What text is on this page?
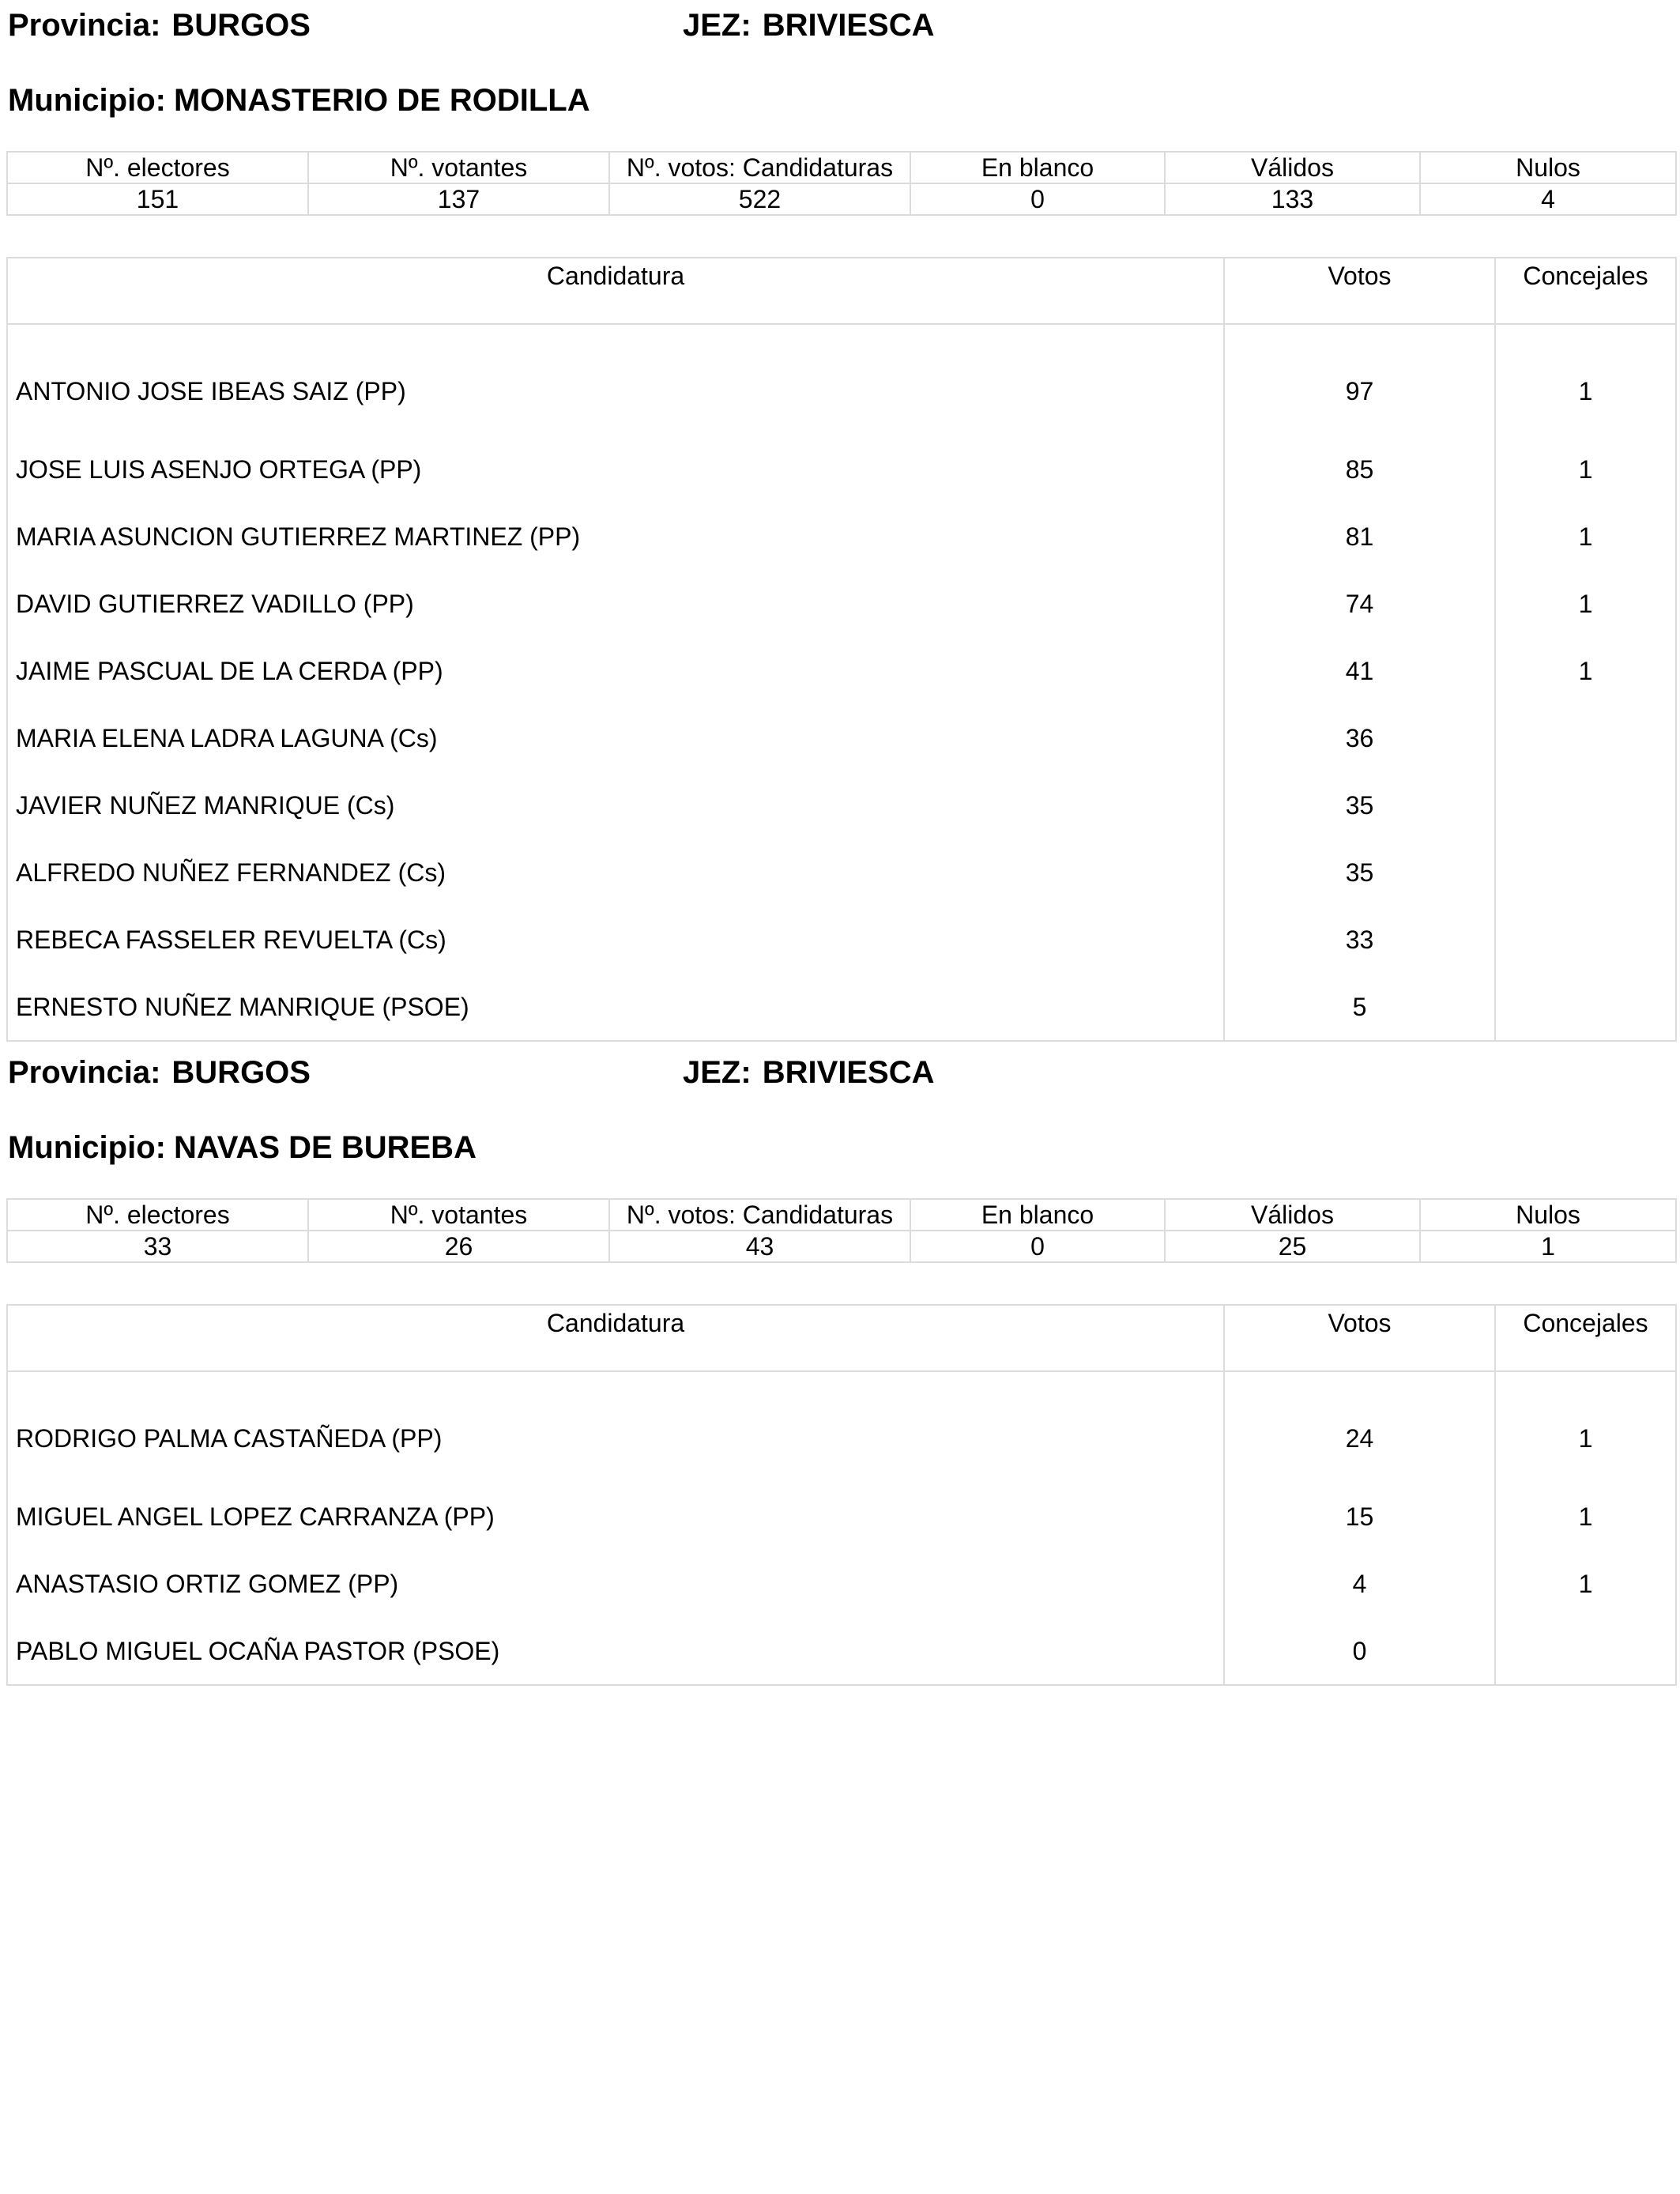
Provincia: BURGOS	JEZ: BRIVIESCA
Municipio: MONASTERIO DE RODILLA
Nº. electores	Nº. votantes	Nº. votos: Candidaturas	En blanco	Válidos	Nulos
151	137	522	0	133	4
Candidatura	Votos	Concejales
ANTONIO JOSE IBEAS SAIZ (PP)	97	1
JOSE LUIS ASENJO ORTEGA (PP)	85	1
MARIA ASUNCION GUTIERREZ MARTINEZ (PP)	81	1
DAVID GUTIERREZ VADILLO (PP)	74	1
JAIME PASCUAL DE LA CERDA (PP)	41	1
MARIA ELENA LADRA LAGUNA (Cs)	36	
JAVIER NUÑEZ MANRIQUE (Cs)	35	
ALFREDO NUÑEZ FERNANDEZ (Cs)	35	
REBECA FASSELER REVUELTA (Cs)	33	
ERNESTO NUÑEZ MANRIQUE (PSOE)	5	
Provincia: BURGOS	JEZ: BRIVIESCA
Municipio: NAVAS DE BUREBA
Nº. electores	Nº. votantes	Nº. votos: Candidaturas	En blanco	Válidos	Nulos
33	26	43	0	25	1
Candidatura	Votos	Concejales
RODRIGO PALMA CASTAÑEDA (PP)	24	1
MIGUEL ANGEL LOPEZ CARRANZA (PP)	15	1
ANASTASIO ORTIZ GOMEZ (PP)	4	1
PABLO MIGUEL OCAÑA PASTOR (PSOE)	0	
